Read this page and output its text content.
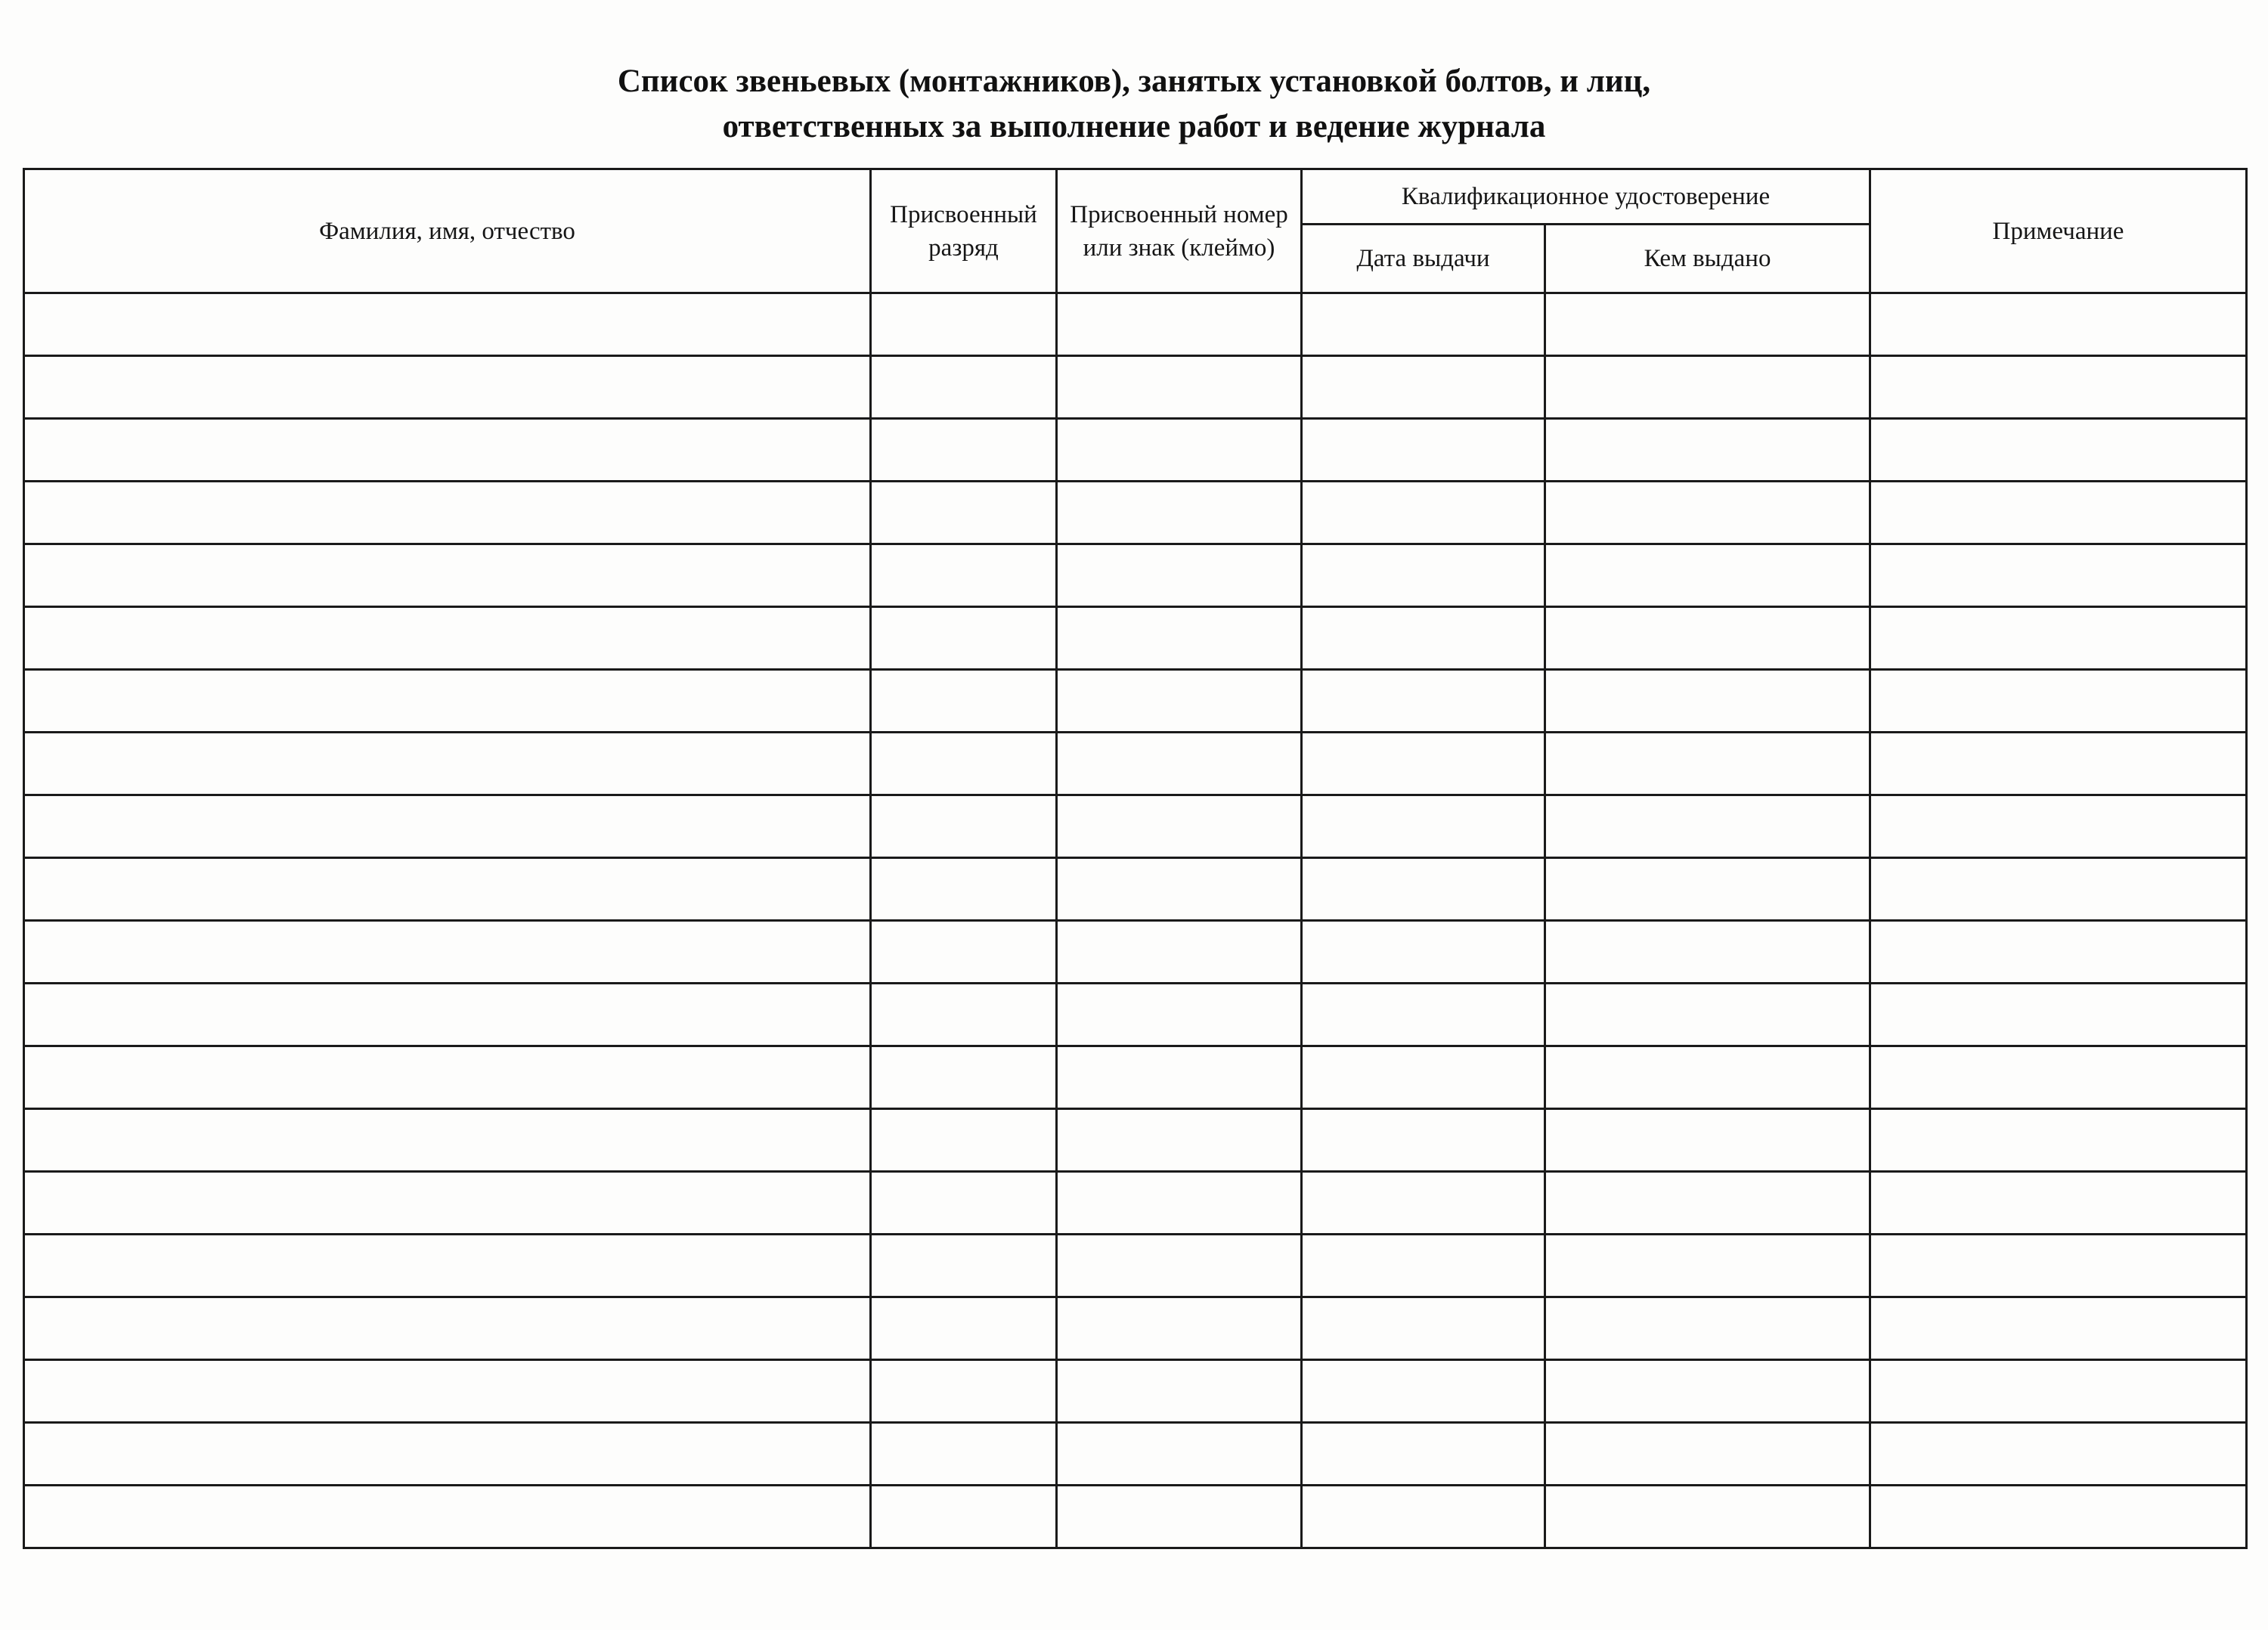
Список звеньевых (монтажников), занятых установкой болтов, и лиц,
ответственных за выполнение работ и ведение журнала
Фамилия, имя, отчество	Присвоенный разряд	Присвоенный номер или знак (клеймо)	Квалификационное удостоверение		Примечание
			Дата выдачи	Кем выдано	
